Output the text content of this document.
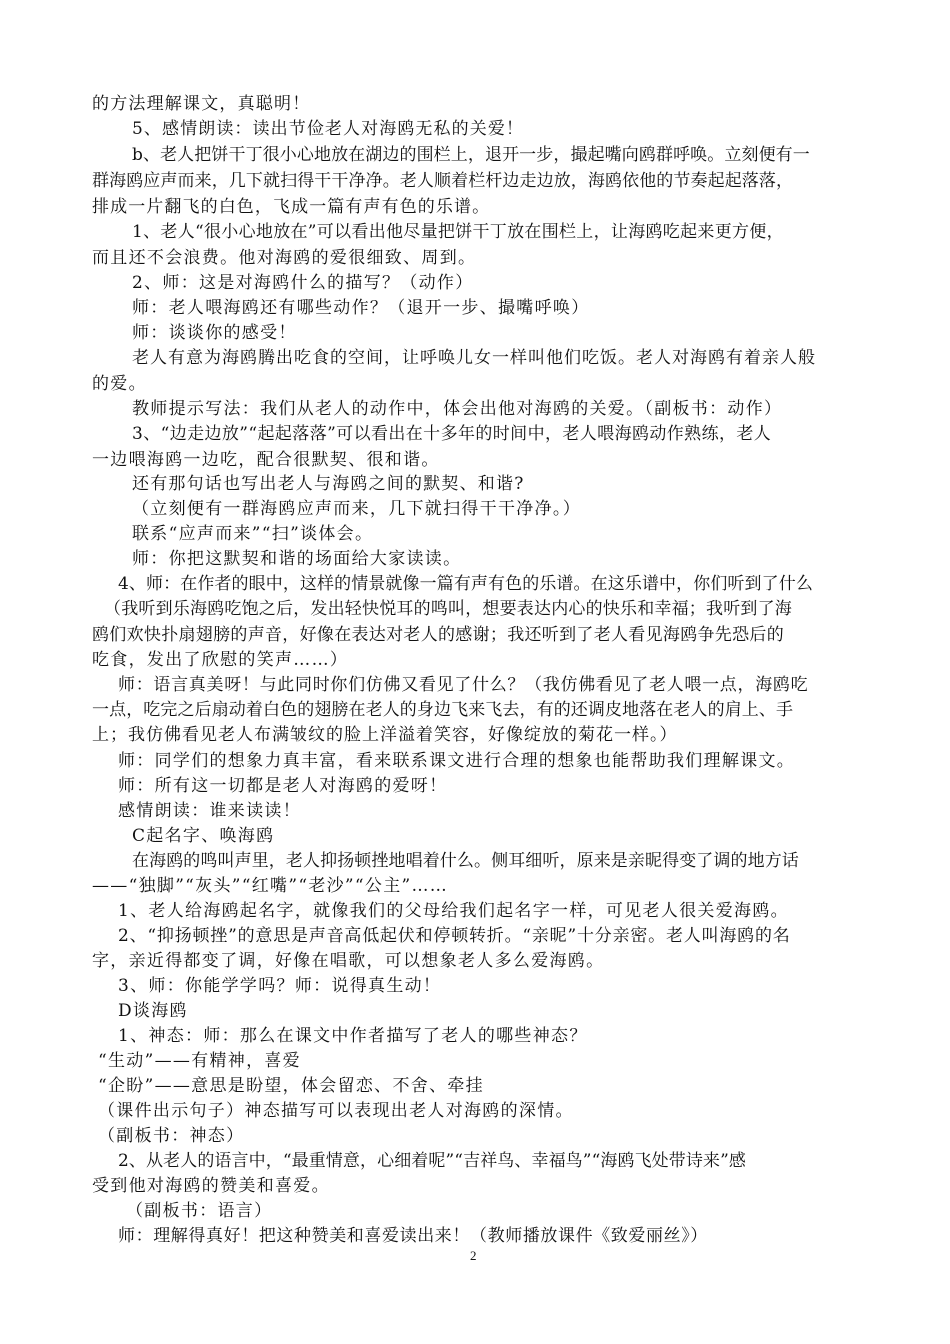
的方法理解课文，真聪明！
5、感情朗读：读出节俭老人对海鸥无私的关爱！
b、老人把饼干丁很小心地放在湖边的围栏上，退开一步，撮起嘴向鸥群呼唤。立刻便有一
群海鸥应声而来，几下就扫得干干净净。老人顺着栏杆边走边放，海鸥依他的节奏起起落落，
排成一片翻飞的白色，飞成一篇有声有色的乐谱。
1、老人“很小心地放在”可以看出他尽量把饼干丁放在围栏上，让海鸥吃起来更方便，
而且还不会浪费。他对海鸥的爱很细致、周到。
2、师：这是对海鸥什么的描写？（动作）
师：老人喂海鸥还有哪些动作？（退开一步、撮嘴呼唤）
师：谈谈你的感受！
老人有意为海鸥腾出吃食的空间，让呼唤儿女一样叫他们吃饭。老人对海鸥有着亲人般
的爱。
教师提示写法：我们从老人的动作中，体会出他对海鸥的关爱。（副板书：动作）
3、“边走边放”“起起落落”可以看出在十多年的时间中，老人喂海鸥动作熟练，老人
一边喂海鸥一边吃，配合很默契、很和谐。
还有那句话也写出老人与海鸥之间的默契、和谐?
（立刻便有一群海鸥应声而来，几下就扫得干干净净。）
联系“应声而来”“扫”谈体会。
师：你把这默契和谐的场面给大家读读。
4、师：在作者的眼中，这样的情景就像一篇有声有色的乐谱。在这乐谱中，你们听到了什么
（我听到乐海鸥吃饱之后，发出轻快悦耳的鸣叫，想要表达内心的快乐和幸福；我听到了海
鸥们欢快扑扇翅膀的声音，好像在表达对老人的感谢；我还听到了老人看见海鸥争先恐后的
吃食，发出了欣慰的笑声……）
师：语言真美呀！与此同时你们仿佛又看见了什么？（我仿佛看见了老人喂一点，海鸥吃
一点，吃完之后扇动着白色的翅膀在老人的身边飞来飞去，有的还调皮地落在老人的肩上、手
上；我仿佛看见老人布满皱纹的脸上洋溢着笑容，好像绽放的菊花一样。）
师：同学们的想象力真丰富，看来联系课文进行合理的想象也能帮助我们理解课文。
师：所有这一切都是老人对海鸥的爱呀！
感情朗读：谁来读读！
C起名字、唤海鸥
在海鸥的鸣叫声里，老人抑扬顿挫地唱着什么。侧耳细听，原来是亲昵得变了调的地方话
——“独脚”“灰头”“红嘴”“老沙”“公主”……
1、老人给海鸥起名字，就像我们的父母给我们起名字一样，可见老人很关爱海鸥。
2、“抑扬顿挫”的意思是声音高低起伏和停顿转折。“亲昵”十分亲密。老人叫海鸥的名
字，亲近得都变了调，好像在唱歌，可以想象老人多么爱海鸥。
3、师：你能学学吗？师：说得真生动！
D谈海鸥
1、神态：师：那么在课文中作者描写了老人的哪些神态？
“生动”——有精神，喜爱
“企盼”——意思是盼望，体会留恋、不舍、牵挂
（课件出示句子）神态描写可以表现出老人对海鸥的深情。
（副板书：神态）
2、从老人的语言中，“最重情意，心细着呢”“吉祥鸟、幸福鸟”“海鸥飞处带诗来”感
受到他对海鸥的赞美和喜爱。
（副板书：语言）
师：理解得真好！把这种赞美和喜爱读出来！（教师播放课件《致爱丽丝》）
2
